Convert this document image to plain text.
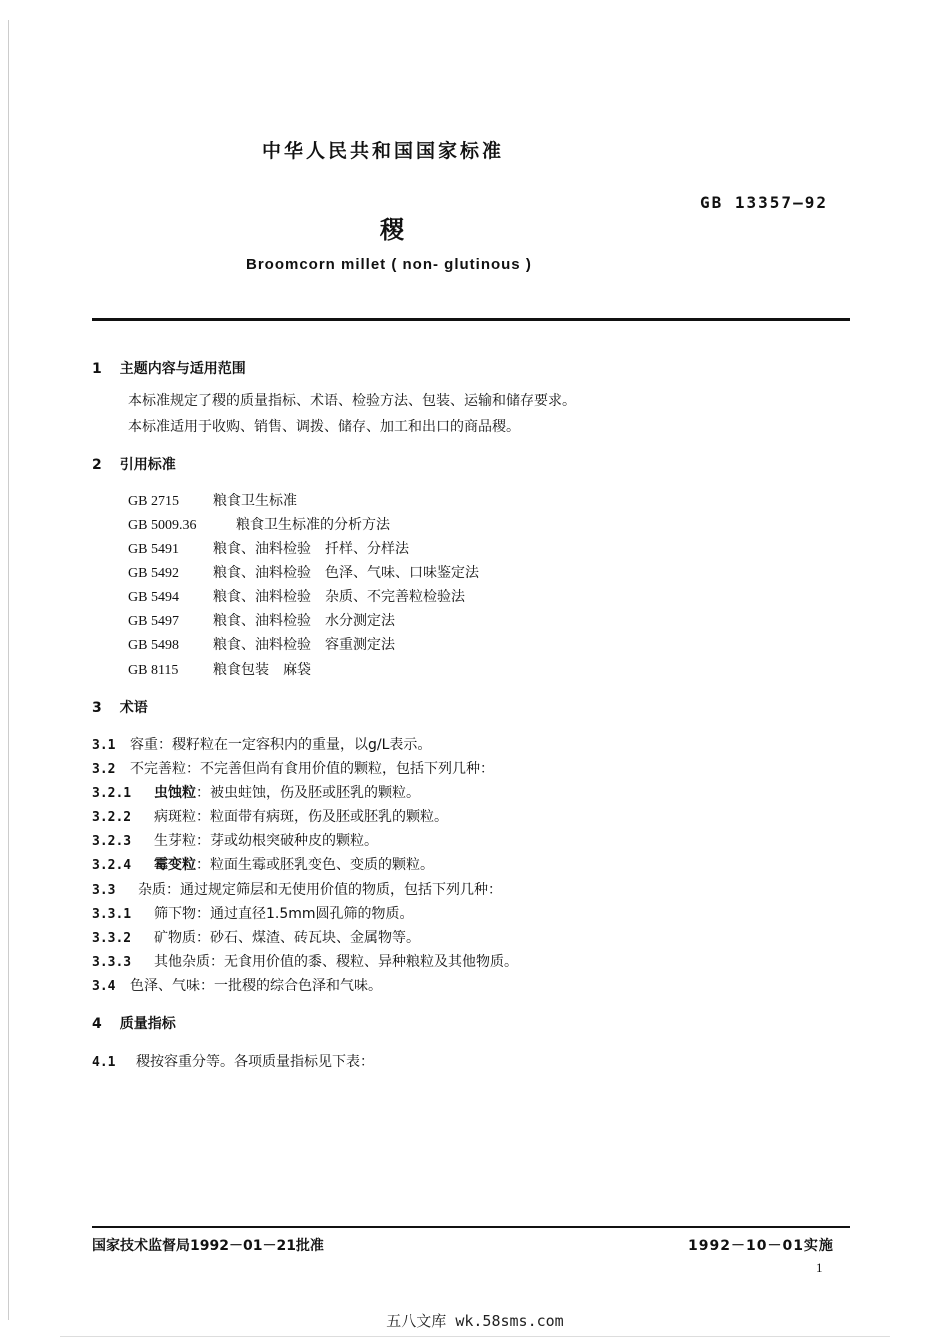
中华人民共和国国家标准
GB 13357—92
稷
Broomcorn millet ( non- glutinous )
1 主题内容与适用范围
本标准规定了稷的质量指标、术语、检验方法、包装、运输和储存要求。
本标准适用于收购、销售、调拨、储存、加工和出口的商品稷。
2 引用标准
GB 2715 粮食卫生标准
GB 5009.36	粮食卫生标准的分析方法
GB 5491 粮食、油料检验　扦样、分样法
GB 5492 粮食、油料检验　色泽、气味、口味鉴定法
GB 5494 粮食、油料检验　杂质、不完善粒检验法
GB 5497 粮食、油料检验　水分测定法
GB 5498 粮食、油料检验　容重测定法
GB 8115 粮食包装　麻袋
3 术语
3.1 容重：稷籽粒在一定容积内的重量，以g/L表示。
3.2 不完善粒：不完善但尚有食用价值的颗粒，包括下列几种：
3.2.1 虫蚀粒：被虫蛀蚀，伤及胚或胚乳的颗粒。
3.2.2 病斑粒：粒面带有病斑，伤及胚或胚乳的颗粒。
3.2.3 生芽粒：芽或幼根突破种皮的颗粒。
3.2.4 霉变粒：粒面生霉或胚乳变色、变质的颗粒。
3.3 杂质：通过规定筛层和无使用价值的物质，包括下列几种：
3.3.1 筛下物：通过直径1.5mm圆孔筛的物质。
3.3.2 矿物质：砂石、煤渣、砖瓦块、金属物等。
3.3.3 其他杂质：无食用价值的黍、稷粒、异种粮粒及其他物质。
3.4 色泽、气味：一批稷的综合色泽和气味。
4 质量指标
4.1 稷按容重分等。各项质量指标见下表：
国家技术监督局1992－01－21批准	1992－10－01实施
1
五八文库 wk.58sms.com
